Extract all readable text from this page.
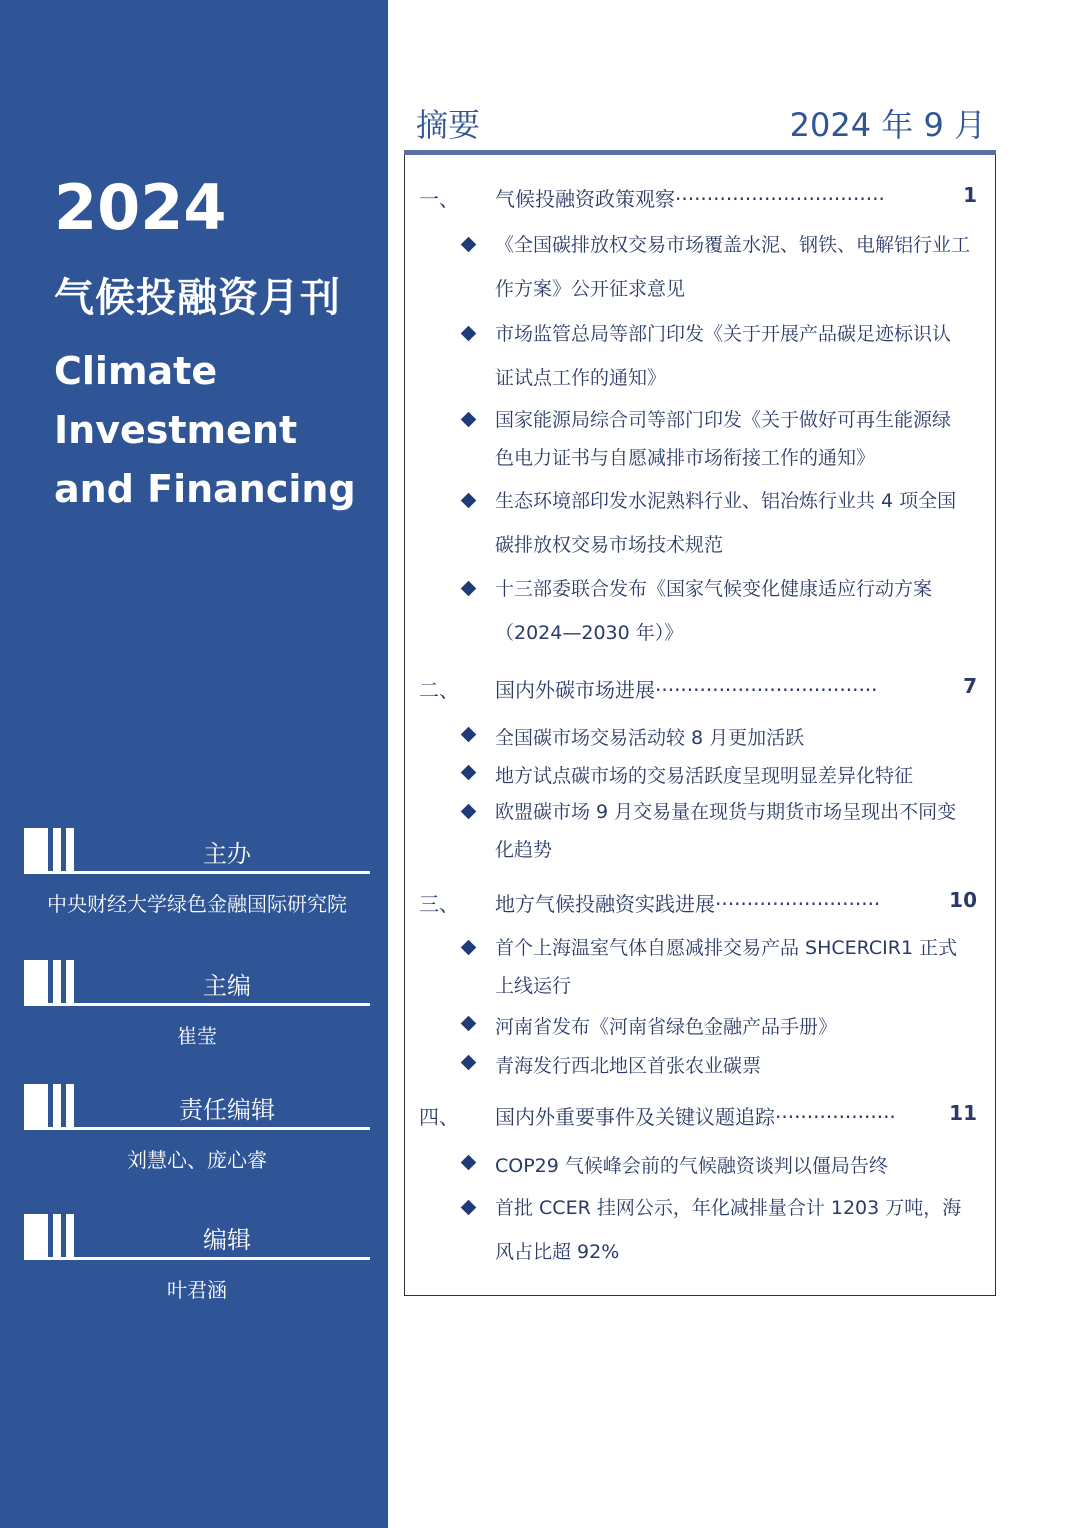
2024
气候投融资月刊
Climate
Investment
and Financing
主办
中央财经大学绿色金融国际研究院
主编
崔莹
责任编辑
刘慧心、庞心睿
编辑
叶君涵
摘要	2024 年 9 月
一、 气候投融资政策观察·································	1
《全国碳排放权交易市场覆盖水泥、钢铁、电解铝行业工
作方案》公开征求意见
市场监管总局等部门印发《关于开展产品碳足迹标识认
证试点工作的通知》
国家能源局综合司等部门印发《关于做好可再生能源绿
色电力证书与自愿减排市场衔接工作的通知》
生态环境部印发水泥熟料行业、铝冶炼行业共 4 项全国
碳排放权交易市场技术规范
十三部委联合发布《国家气候变化健康适应行动方案
（2024—2030 年）》
二、 国内外碳市场进展···································	7
全国碳市场交易活动较 8 月更加活跃
地方试点碳市场的交易活跃度呈现明显差异化特征
欧盟碳市场 9 月交易量在现货与期货市场呈现出不同变
化趋势
三、 地方气候投融资实践进展··························	10
首个上海温室气体自愿减排交易产品 SHCERCIR1 正式
上线运行
河南省发布《河南省绿色金融产品手册》
青海发行西北地区首张农业碳票
四、 国内外重要事件及关键议题追踪···················	11
COP29 气候峰会前的气候融资谈判以僵局告终
首批 CCER 挂网公示，年化减排量合计 1203 万吨，海
风占比超 92%
